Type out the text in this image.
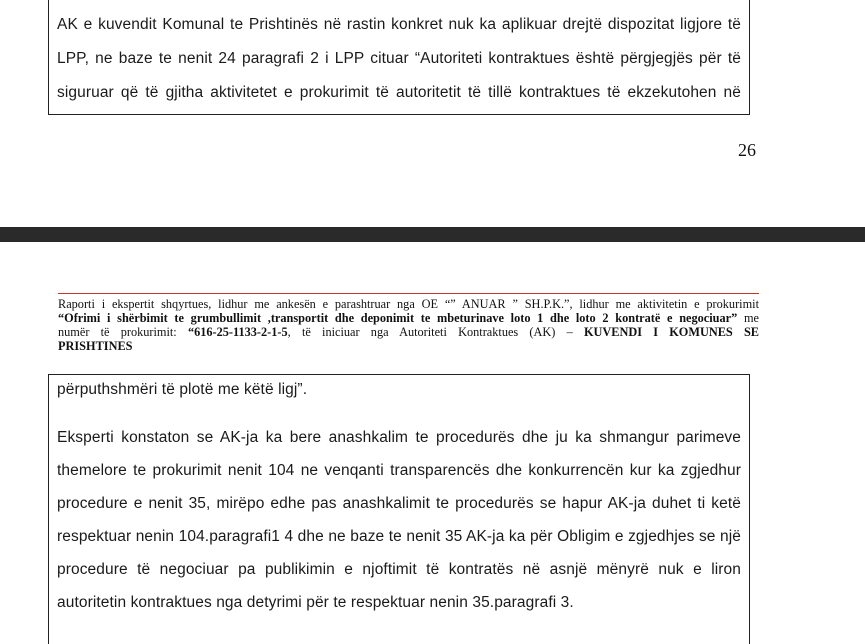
AK e kuvendit Komunal te Prishtinës në rastin konkret nuk ka aplikuar drejtë dispozitat ligjore të
LPP, ne baze te nenit 24 paragrafi 2 i LPP cituar “Autoriteti kontraktues është përgjegjës për të
siguruar që të gjitha aktivitetet e prokurimit të autoritetit të tillë kontraktues të ekzekutohen në
26
Raporti i ekspertit shqyrtues, lidhur me ankesën e parashtruar nga OE “” ANUAR ” SH.P.K.”, lidhur me aktivitetin e prokurimit
“Ofrimi i shërbimit te grumbullimit ,transportit dhe deponimit te mbeturinave loto 1 dhe loto 2 kontratë e negociuar” me
numër të prokurimit: “616-25-1133-2-1-5, të iniciuar nga Autoriteti Kontraktues (AK) – KUVENDI I KOMUNES SE
PRISHTINES
përputhshmëri të plotë me këtë ligj”.
Eksperti konstaton se AK-ja ka bere anashkalim te procedurës dhe ju ka shmangur parimeve
themelore te prokurimit nenit 104 ne venqanti transparencës dhe konkurrencën kur ka zgjedhur
procedure e nenit 35, mirëpo edhe pas anashkalimit te procedurës se hapur AK-ja duhet ti ketë
respektuar nenin 104.paragrafi1 4 dhe ne baze te nenit 35 AK-ja ka për Obligim e zgjedhjes se një
procedure të negociuar pa publikimin e njoftimit të kontratës në asnjë mënyrë nuk e liron
autoritetin kontraktues nga detyrimi për te respektuar nenin 35.paragrafi 3.
